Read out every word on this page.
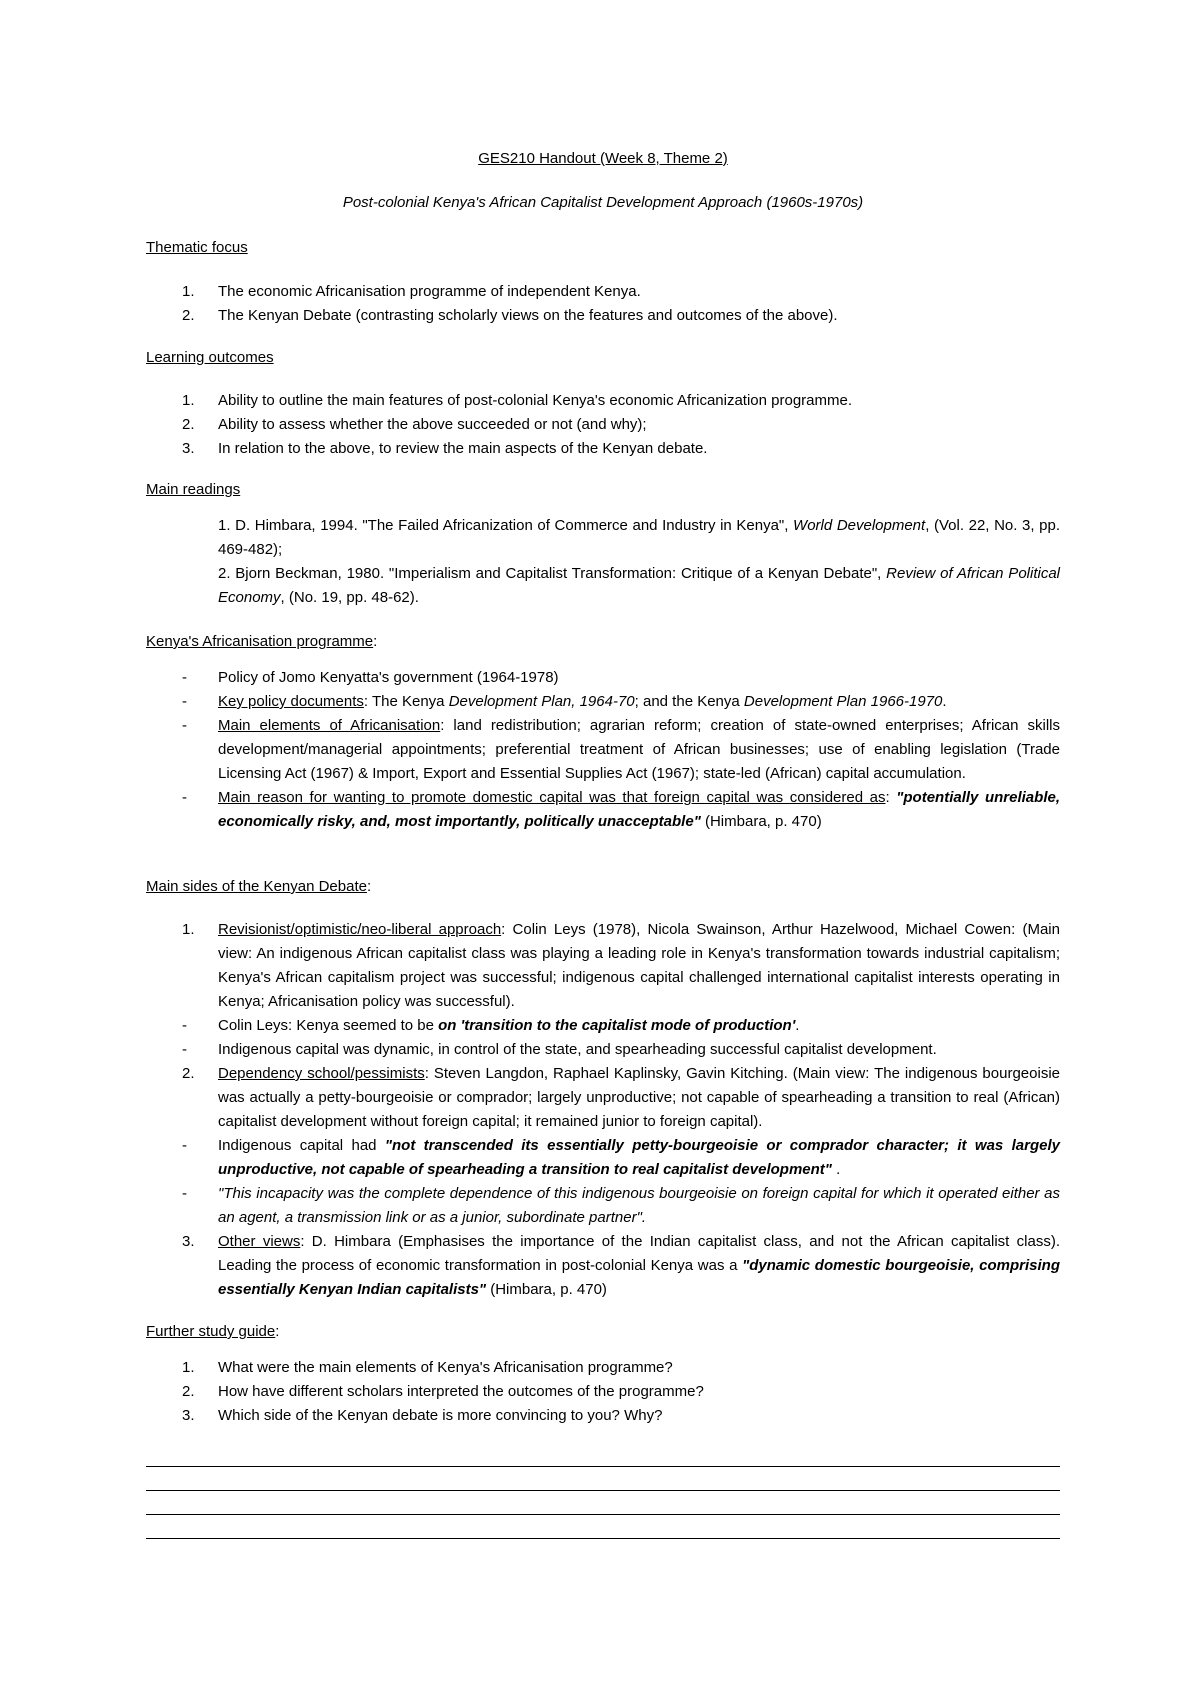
GES210 Handout (Week 8, Theme 2)
Post-colonial Kenya's African Capitalist Development Approach (1960s-1970s)
Thematic focus
1. The economic Africanisation programme of independent Kenya.
2. The Kenyan Debate (contrasting scholarly views on the features and outcomes of the above).
Learning outcomes
1. Ability to outline the main features of post-colonial Kenya's economic Africanization programme.
2. Ability to assess whether the above succeeded or not (and why);
3. In relation to the above, to review the main aspects of the Kenyan debate.
Main readings
1. D. Himbara, 1994. "The Failed Africanization of Commerce and Industry in Kenya", World Development, (Vol. 22, No. 3, pp. 469-482);
2. Bjorn Beckman, 1980. "Imperialism and Capitalist Transformation: Critique of a Kenyan Debate", Review of African Political Economy, (No. 19, pp. 48-62).
Kenya's Africanisation programme:
- Policy of Jomo Kenyatta's government (1964-1978)
- Key policy documents: The Kenya Development Plan, 1964-70; and the Kenya Development Plan 1966-1970.
- Main elements of Africanisation: land redistribution; agrarian reform; creation of state-owned enterprises; African skills development/managerial appointments; preferential treatment of African businesses; use of enabling legislation (Trade Licensing Act (1967) & Import, Export and Essential Supplies Act (1967); state-led (African) capital accumulation.
- Main reason for wanting to promote domestic capital was that foreign capital was considered as: "potentially unreliable, economically risky, and, most importantly, politically unacceptable" (Himbara, p. 470)
Main sides of the Kenyan Debate:
1. Revisionist/optimistic/neo-liberal approach: Colin Leys (1978), Nicola Swainson, Arthur Hazelwood, Michael Cowen: (Main view: An indigenous African capitalist class was playing a leading role in Kenya's transformation towards industrial capitalism; Kenya's African capitalism project was successful; indigenous capital challenged international capitalist interests operating in Kenya; Africanisation policy was successful).
- Colin Leys: Kenya seemed to be on 'transition to the capitalist mode of production'.
- Indigenous capital was dynamic, in control of the state, and spearheading successful capitalist development.
2. Dependency school/pessimists: Steven Langdon, Raphael Kaplinsky, Gavin Kitching. (Main view: The indigenous bourgeoisie was actually a petty-bourgeoisie or comprador; largely unproductive; not capable of spearheading a transition to real (African) capitalist development without foreign capital; it remained junior to foreign capital).
- Indigenous capital had "not transcended its essentially petty-bourgeoisie or comprador character; it was largely unproductive, not capable of spearheading a transition to real capitalist development" .
- "This incapacity was the complete dependence of this indigenous bourgeoisie on foreign capital for which it operated either as an agent, a transmission link or as a junior, subordinate partner".
3. Other views: D. Himbara (Emphasises the importance of the Indian capitalist class, and not the African capitalist class). Leading the process of economic transformation in post-colonial Kenya was a "dynamic domestic bourgeoisie, comprising essentially Kenyan Indian capitalists" (Himbara, p. 470)
Further study guide:
1. What were the main elements of Kenya's Africanisation programme?
2. How have different scholars interpreted the outcomes of the programme?
3. Which side of the Kenyan debate is more convincing to you? Why?
